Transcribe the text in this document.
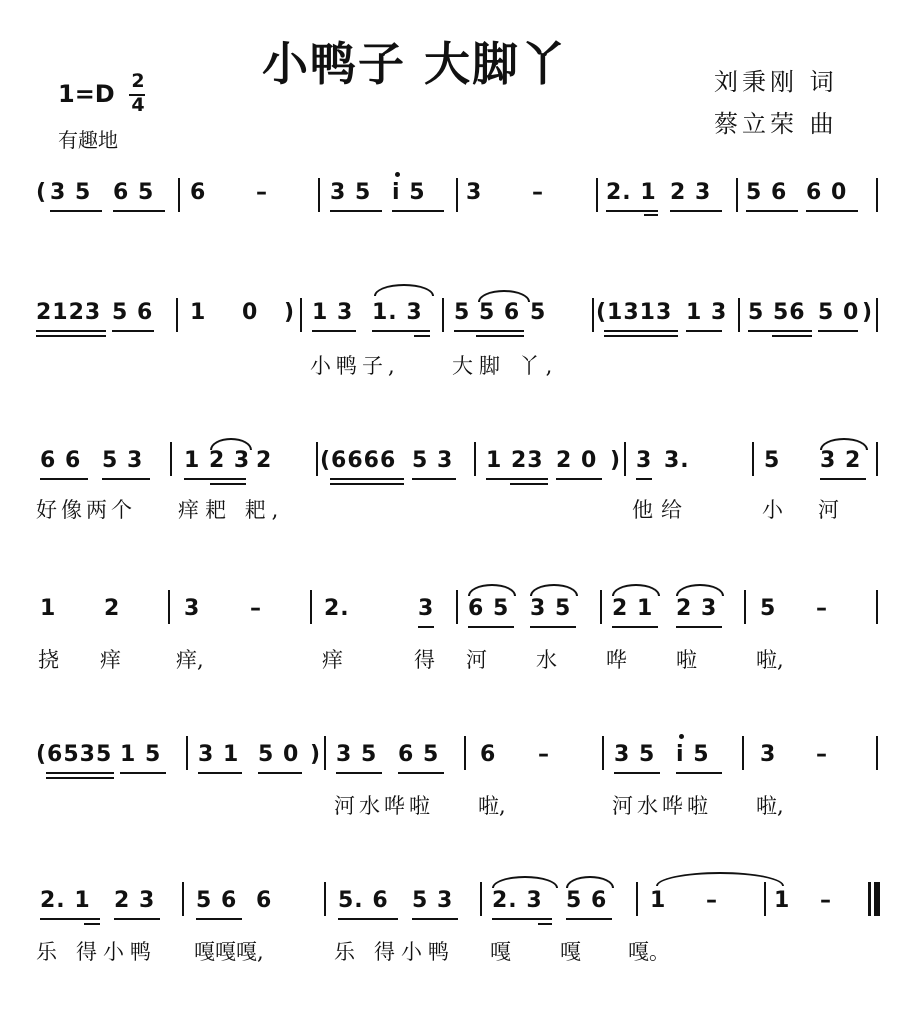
小鸭子 大脚丫	刘秉刚 词
蔡立荣 曲
1=D 2
4
有趣地
( 3 5 6 5 6 –	3 5 i 5 3 –	2. 1 2 3 5 6 6 0
2123 5 6 1 0 ) 1 3 1. 3 5 5 6 5 (1313 1 3 5 56 5 0 )
小鸭子, 大脚 丫,
6 6 5 3 1 2 3 2 (6666 5 3 1 23 2 0 ) 3 3.	5 3 2
好像两个 痒耙 耙,	他给	小 河
1 2	3 –	2.	3 6 5 3 5 2 1 2 3 5 –
挠 痒	痒,	痒	得 河 水 哗 啦	啦,
(6535 1 5 3 1 5 0 ) 3 5 6 5 6 –	3 5 i 5 3 –
河水哗啦 啦,	河水哗啦 啦,
2. 1 2 3 5 6 6	5. 6 5 3 2. 3 5 6 1 –	1 –
乐 得小鸭 嘎嘎嘎,	乐 得小鸭 嘎 嘎 嘎。
